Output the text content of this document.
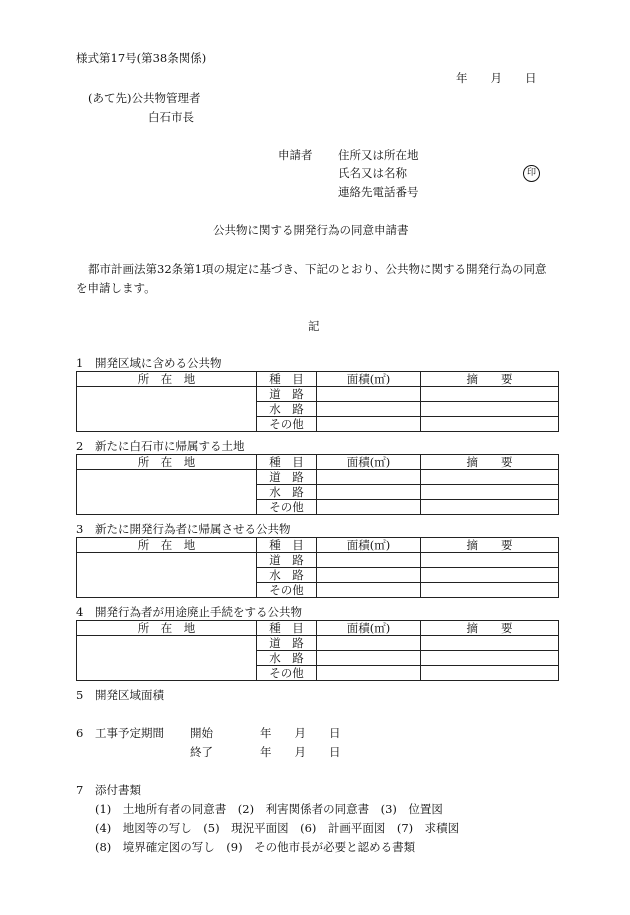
様式第17号(第38条関係)
年　　月　　日
(あて先)公共物管理者
白石市長
申請者 住所又は所在地
氏名又は名称	印
連絡先電話番号
公共物に関する開発行為の同意申請書
都市計画法第32条第1項の規定に基づき、下記のとおり、公共物に関する開発行為の同意
を申請します。
記
1 開発区域に含める公共物
所　在　地	種　目	面積(㎡)	摘　　要
	道　路		
	水　路		
	その他		
2 新たに白石市に帰属する土地
所　在　地	種　目	面積(㎡)	摘　　要
	道　路		
	水　路		
	その他		
3 新たに開発行為者に帰属させる公共物
所　在　地	種　目	面積(㎡)	摘　　要
	道　路		
	水　路		
	その他		
4 開発行為者が用途廃止手続をする公共物
所　在　地	種　目	面積(㎡)	摘　　要
	道　路		
	水　路		
	その他		
5 開発区域面積
6 工事予定期間 開始	年　　月　　日
終了	年　　月　　日
7 添付書類
(1)　土地所有者の同意書　(2)　利害関係者の同意書　(3)　位置図
(4)　地図等の写し　(5)　現況平面図　(6)　計画平面図　(7)　求積図
(8)　境界確定図の写し　(9)　その他市長が必要と認める書類
